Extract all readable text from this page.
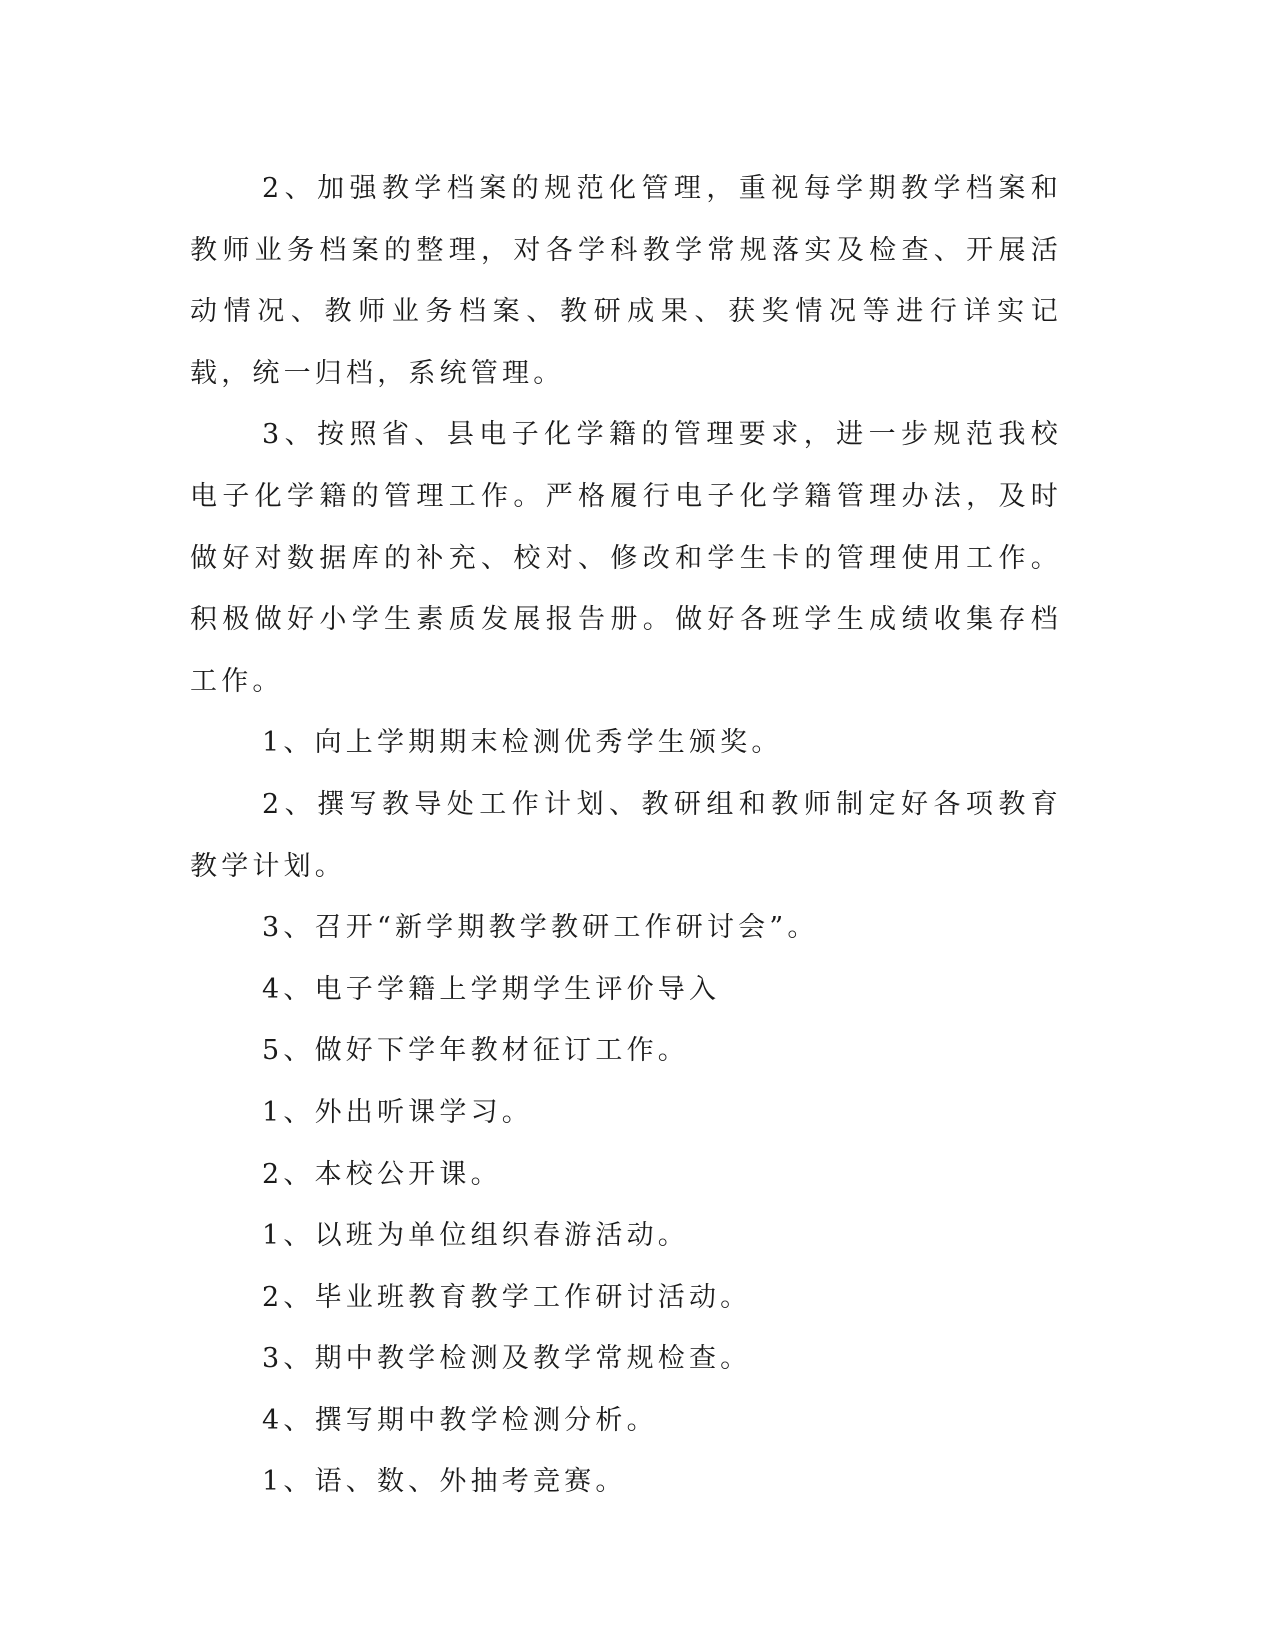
2、加强教学档案的规范化管理，重视每学期教学档案和教师业务档案的整理，对各学科教学常规落实及检查、开展活动情况、教师业务档案、教研成果、获奖情况等进行详实记载，统一归档，系统管理。

3、按照省、县电子化学籍的管理要求，进一步规范我校电子化学籍的管理工作。严格履行电子化学籍管理办法，及时做好对数据库的补充、校对、修改和学生卡的管理使用工作。积极做好小学生素质发展报告册。做好各班学生成绩收集存档工作。

1、向上学期期末检测优秀学生颁奖。

2、撰写教导处工作计划、教研组和教师制定好各项教育教学计划。

3、召开“新学期教学教研工作研讨会”。

4、电子学籍上学期学生评价导入

5、做好下学年教材征订工作。

1、外出听课学习。

2、本校公开课。

1、以班为单位组织春游活动。

2、毕业班教育教学工作研讨活动。

3、期中教学检测及教学常规检查。

4、撰写期中教学检测分析。

1、语、数、外抽考竞赛。
